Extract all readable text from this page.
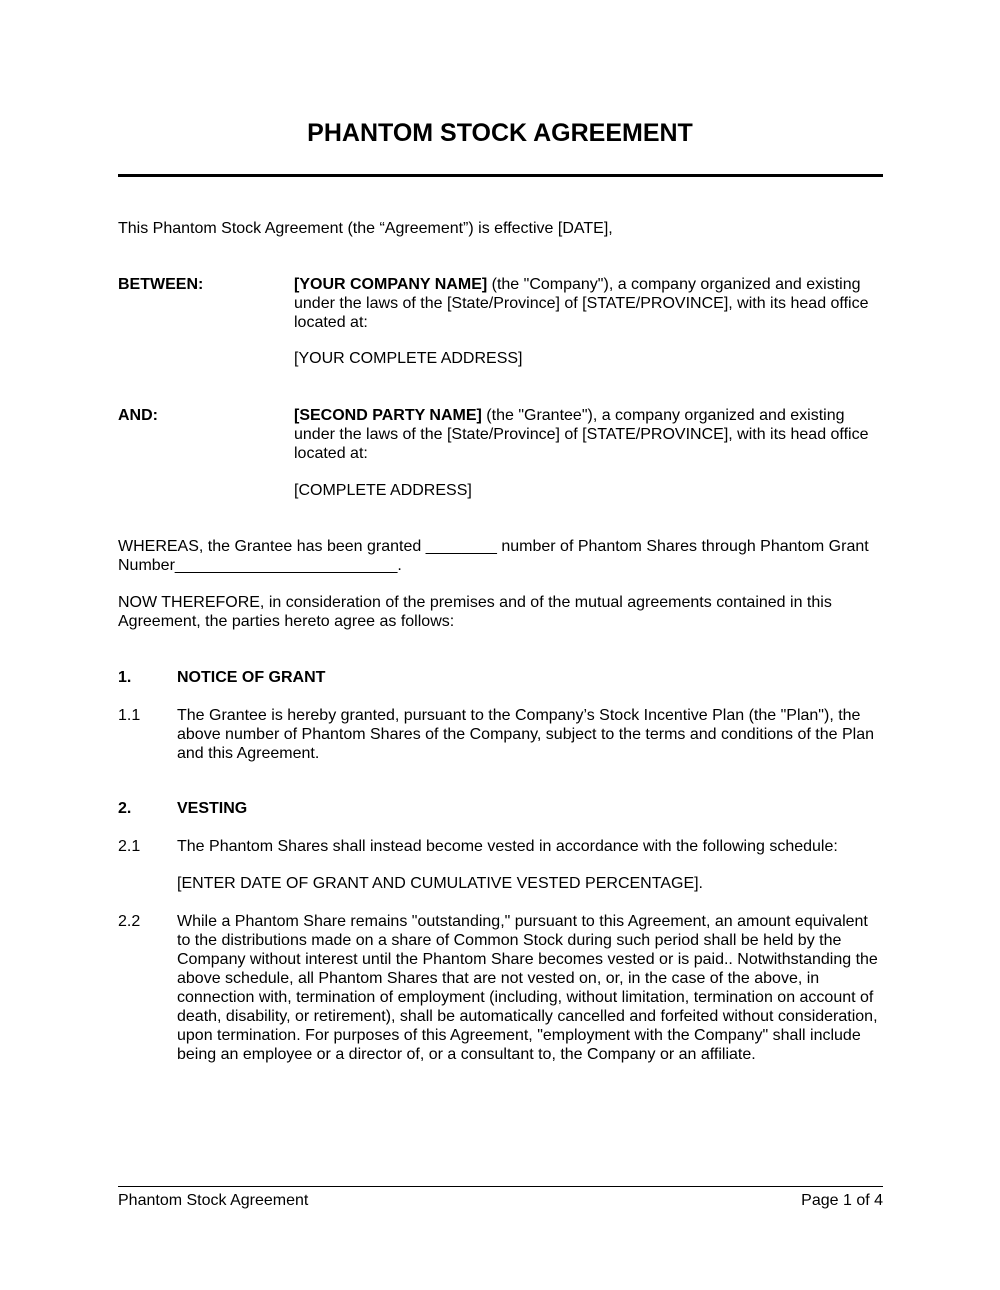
PHANTOM STOCK AGREEMENT
This Phantom Stock Agreement (the “Agreement”) is effective [DATE],
BETWEEN:	[YOUR COMPANY NAME] (the "Company"), a company organized and existing under the laws of the [State/Province] of [STATE/PROVINCE], with its head office located at:
[YOUR COMPLETE ADDRESS]
AND:	[SECOND PARTY NAME] (the "Grantee"), a company organized and existing under the laws of the [State/Province] of [STATE/PROVINCE], with its head office located at:
[COMPLETE ADDRESS]
WHEREAS, the Grantee has been granted ________ number of Phantom Shares through Phantom Grant Number_________________________.
NOW THEREFORE, in consideration of the premises and of the mutual agreements contained in this Agreement, the parties hereto agree as follows:
1.	NOTICE OF GRANT
1.1	The Grantee is hereby granted, pursuant to the Company’s Stock Incentive Plan (the "Plan"), the above number of Phantom Shares of the Company, subject to the terms and conditions of the Plan and this Agreement.
2.	VESTING
2.1	The Phantom Shares shall instead become vested in accordance with the following schedule:
[ENTER DATE OF GRANT AND CUMULATIVE VESTED PERCENTAGE].
2.2	While a Phantom Share remains "outstanding," pursuant to this Agreement, an amount equivalent to the distributions made on a share of Common Stock during such period shall be held by the Company without interest until the Phantom Share becomes vested or is paid.. Notwithstanding the above schedule, all Phantom Shares that are not vested on, or, in the case of the above, in connection with, termination of employment (including, without limitation, termination on account of death, disability, or retirement), shall be automatically cancelled and forfeited without consideration, upon termination. For purposes of this Agreement, "employment with the Company" shall include being an employee or a director of, or a consultant to, the Company or an affiliate.
Phantom Stock Agreement	Page 1 of 4
